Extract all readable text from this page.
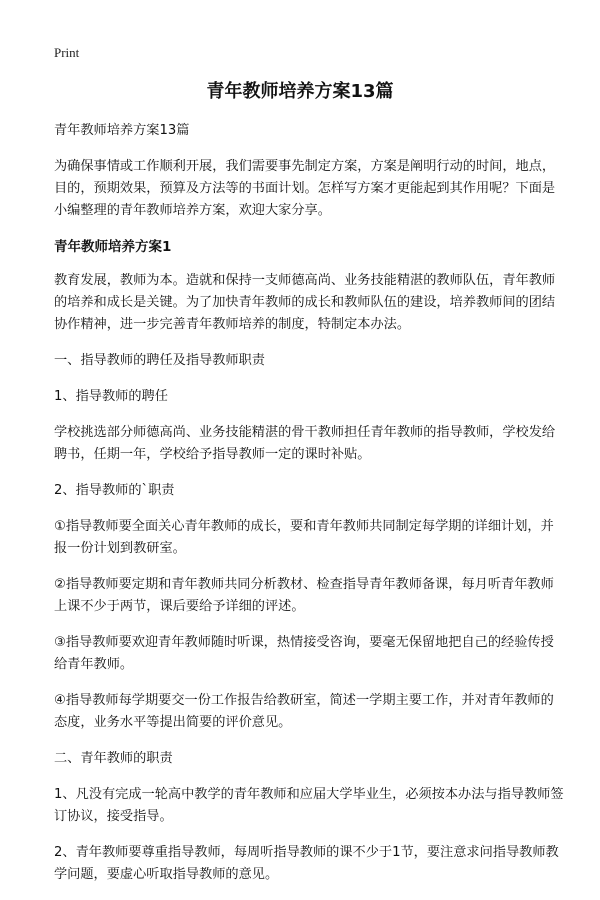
Print
青年教师培养方案13篇

青年教师培养方案13篇

为确保事情或工作顺利开展，我们需要事先制定方案，方案是阐明行动的时间，地点，目的，预期效果，预算及方法等的书面计划。怎样写方案才更能起到其作用呢？下面是小编整理的青年教师培养方案，欢迎大家分享。

青年教师培养方案1

教育发展，教师为本。造就和保持一支师德高尚、业务技能精湛的教师队伍，青年教师的培养和成长是关键。为了加快青年教师的成长和教师队伍的建设，培养教师间的团结协作精神，进一步完善青年教师培养的制度，特制定本办法。

一、指导教师的聘任及指导教师职责

1、指导教师的聘任

学校挑选部分师德高尚、业务技能精湛的骨干教师担任青年教师的指导教师，学校发给聘书，任期一年，学校给予指导教师一定的课时补贴。

2、指导教师的`职责

①指导教师要全面关心青年教师的成长，要和青年教师共同制定每学期的详细计划，并报一份计划到教研室。

②指导教师要定期和青年教师共同分析教材、检查指导青年教师备课，每月听青年教师上课不少于两节，课后要给予详细的评述。

③指导教师要欢迎青年教师随时听课，热情接受咨询，要毫无保留地把自己的经验传授给青年教师。

④指导教师每学期要交一份工作报告给教研室，简述一学期主要工作，并对青年教师的态度，业务水平等提出简要的评价意见。

二、青年教师的职责

1、凡没有完成一轮高中教学的青年教师和应届大学毕业生，必须按本办法与指导教师签订协议，接受指导。

2、青年教师要尊重指导教师，每周听指导教师的课不少于1节，要注意求问指导教师教学问题，要虚心听取指导教师的意见。
